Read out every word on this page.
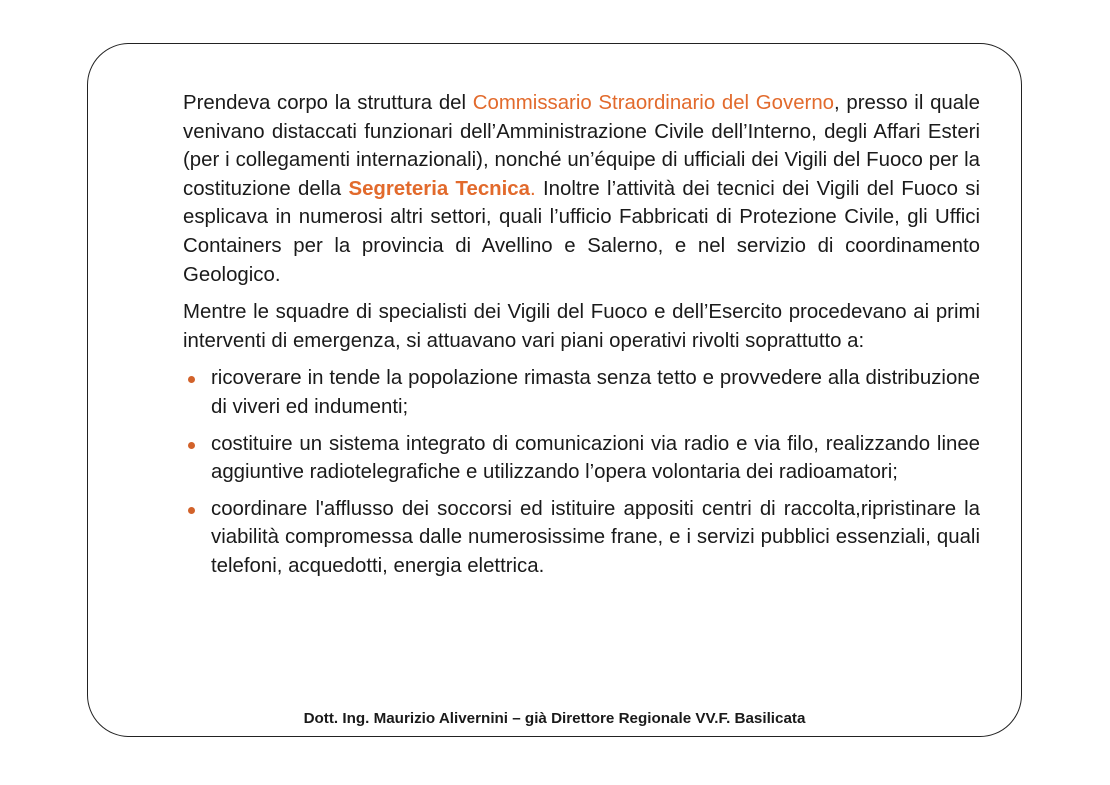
Prendeva corpo la struttura del Commissario Straordinario del Governo, presso il quale venivano distaccati funzionari dell’Amministrazione Civile dell’Interno, degli Affari Esteri (per i collegamenti internazionali), nonché un’équipe di ufficiali dei Vigili del Fuoco per la costituzione della Segreteria Tecnica. Inoltre l’attività dei tecnici dei Vigili del Fuoco si esplicava in numerosi altri settori, quali l’ufficio Fabbricati di Protezione Civile, gli Uffici Containers per la provincia di Avellino e Salerno, e nel servizio di coordinamento Geologico.

Mentre le squadre di specialisti dei Vigili del Fuoco e dell’Esercito procedevano ai primi interventi di emergenza, si attuavano vari piani operativi rivolti soprattutto a:

ricoverare in tende la popolazione rimasta senza tetto e provvedere alla distribuzione di viveri ed indumenti;
costituire un sistema integrato di comunicazioni via radio e via filo, realizzando linee aggiuntive radiotelegrafiche e utilizzando l’opera volontaria dei radioamatori;
coordinare l'afflusso dei soccorsi ed istituire appositi centri di raccolta,ripristinare la viabilità compromessa dalle numerosissime frane, e i servizi pubblici essenziali, quali telefoni, acquedotti, energia elettrica.
Dott. Ing. Maurizio Alivernini – già Direttore Regionale VV.F. Basilicata
